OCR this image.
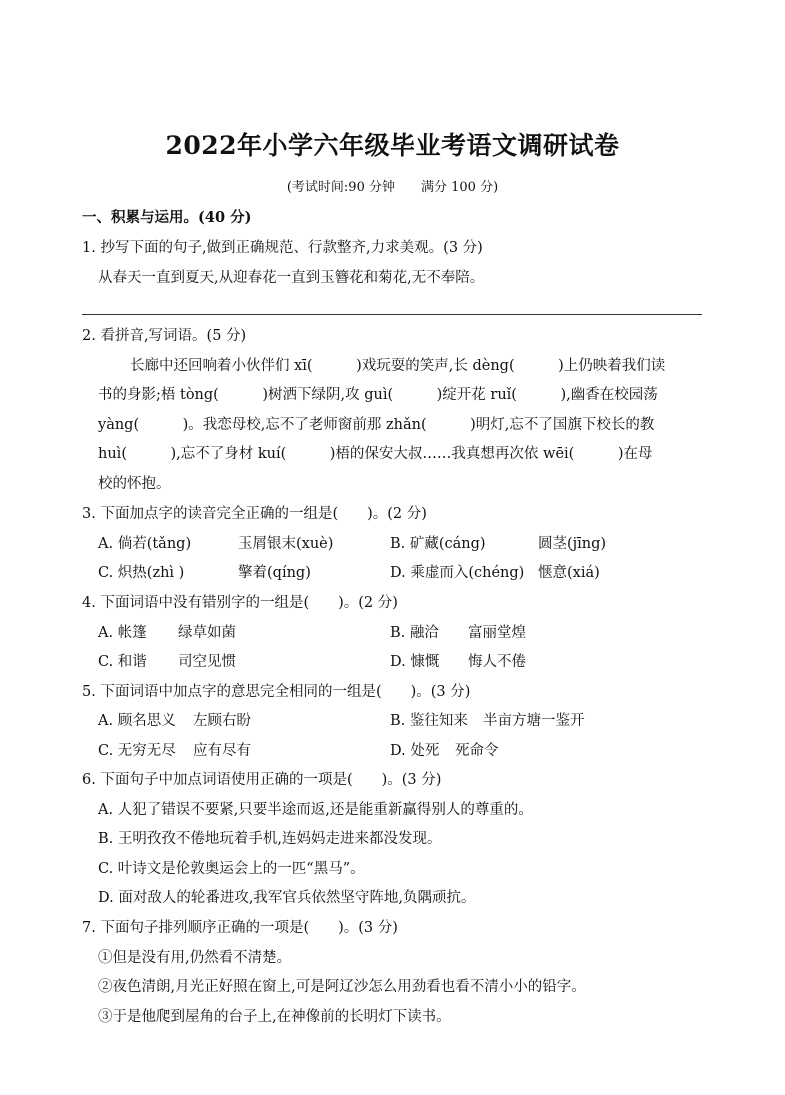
2022年小学六年级毕业考语文调研试卷
(考试时间:90 分钟　　满分 100 分)
一、积累与运用。(40 分)
1. 抄写下面的句子,做到正确规范、行款整齐,力求美观。(3 分)
从春天一直到夏天,从迎春花一直到玉簪花和菊花,无不奉陪。
2. 看拼音,写词语。(5 分)
长廊中还回响着小伙伴们 xī(　　　)戏玩耍的笑声,长 dèng(　　　)上仍映着我们读
书的身影;梧 tòng(　　　)树洒下绿阴,攻 guì(　　　)绽开花 ruǐ(　　　),幽香在校园荡
yàng(　　　)。我恋母校,忘不了老师窗前那 zhǎn(　　　)明灯,忘不了国旗下校长的教
huì(　　　),忘不了身材 kuí(　　　)梧的保安大叔……我真想再次依 wēi(　　　)在母
校的怀抱。
3. 下面加点字的读音完全正确的一组是(　　)。(2 分)
A. 倘若(tǎng)	玉屑银末(xuè)	B. 矿藏(cáng)	圆茎(jīng)
C. 炽热(zhì )	擎着(qíng)	D. 乘虚而入(chéng) 惬意(xiá)
4. 下面词语中没有错别字的一组是(　　)。(2 分)
A. 帐篷 绿草如菌	B. 融洽 富丽堂煌
C. 和谐 司空见惯	D. 慷慨 悔人不倦
5. 下面词语中加点字的意思完全相同的一组是(　　)。(3 分)
A. 顾名思义 左顾右盼	B. 鉴往知来 半亩方塘一鉴开
C. 无穷无尽 应有尽有	D. 处死 死命令
6. 下面句子中加点词语使用正确的一项是(　　)。(3 分)
A. 人犯了错误不要紧,只要半途而返,还是能重新赢得别人的尊重的。
B. 王明孜孜不倦地玩着手机,连妈妈走进来都没发现。
C. 叶诗文是伦敦奥运会上的一匹“黑马”。
D. 面对敌人的轮番进攻,我军官兵依然坚守阵地,负隅顽抗。
7. 下面句子排列顺序正确的一项是(　　)。(3 分)
①但是没有用,仍然看不清楚。
②夜色清朗,月光正好照在窗上,可是阿辽沙怎么用劲看也看不清小小的铅字。
③于是他爬到屋角的台子上,在神像前的长明灯下读书。
